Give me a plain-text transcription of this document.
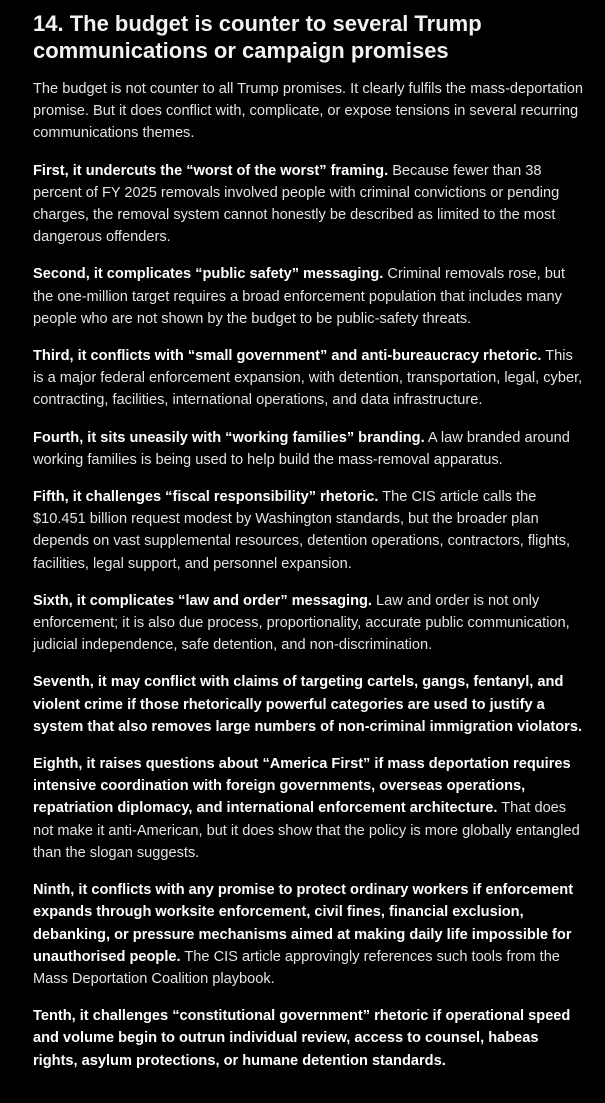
14. The budget is counter to several Trump communications or campaign promises

The budget is not counter to all Trump promises. It clearly fulfils the mass-deportation promise. But it does conflict with, complicate, or expose tensions in several recurring communications themes.

First, it undercuts the “worst of the worst” framing. Because fewer than 38 percent of FY 2025 removals involved people with criminal convictions or pending charges, the removal system cannot honestly be described as limited to the most dangerous offenders.

Second, it complicates “public safety” messaging. Criminal removals rose, but the one-million target requires a broad enforcement population that includes many people who are not shown by the budget to be public-safety threats.

Third, it conflicts with “small government” and anti-bureaucracy rhetoric. This is a major federal enforcement expansion, with detention, transportation, legal, cyber, contracting, facilities, international operations, and data infrastructure.

Fourth, it sits uneasily with “working families” branding. A law branded around working families is being used to help build the mass-removal apparatus.

Fifth, it challenges “fiscal responsibility” rhetoric. The CIS article calls the $10.451 billion request modest by Washington standards, but the broader plan depends on vast supplemental resources, detention operations, contractors, flights, facilities, legal support, and personnel expansion.

Sixth, it complicates “law and order” messaging. Law and order is not only enforcement; it is also due process, proportionality, accurate public communication, judicial independence, safe detention, and non-discrimination.

Seventh, it may conflict with claims of targeting cartels, gangs, fentanyl, and violent crime if those rhetorically powerful categories are used to justify a system that also removes large numbers of non-criminal immigration violators.

Eighth, it raises questions about “America First” if mass deportation requires intensive coordination with foreign governments, overseas operations, repatriation diplomacy, and international enforcement architecture. That does not make it anti-American, but it does show that the policy is more globally entangled than the slogan suggests.

Ninth, it conflicts with any promise to protect ordinary workers if enforcement expands through worksite enforcement, civil fines, financial exclusion, debanking, or pressure mechanisms aimed at making daily life impossible for unauthorised people. The CIS article approvingly references such tools from the Mass Deportation Coalition playbook.

Tenth, it challenges “constitutional government” rhetoric if operational speed and volume begin to outrun individual review, access to counsel, habeas rights, asylum protections, or humane detention standards.
